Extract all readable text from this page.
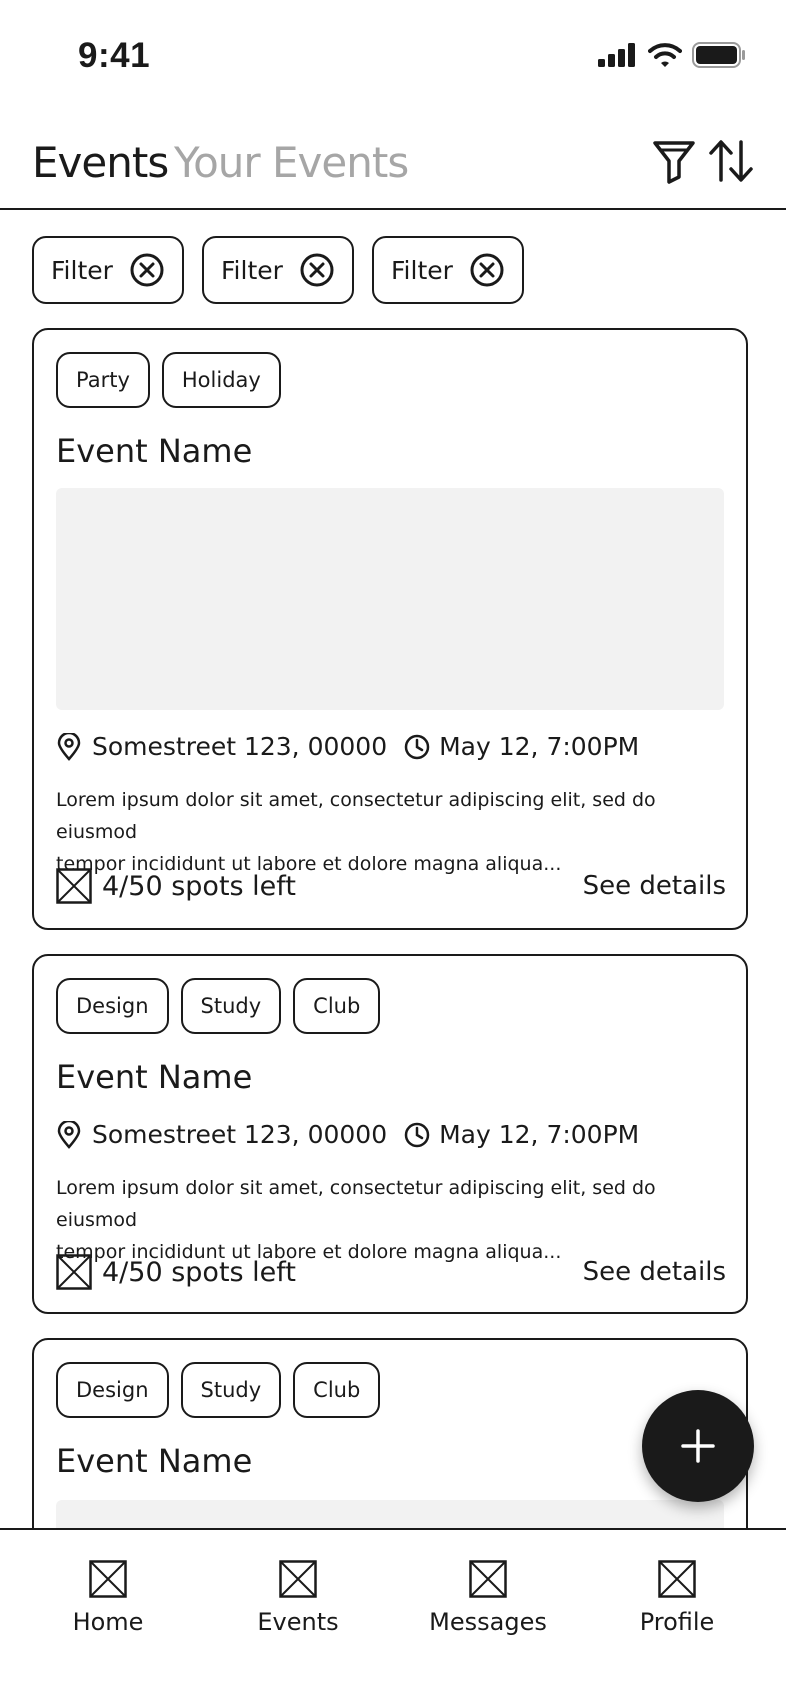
9:41
Events Your Events
Filter	Filter	Filter
Party	Holiday
Event Name
Somestreet 123, 00000 May 12, 7:00PM
Lorem ipsum dolor sit amet, consectetur adipiscing elit, sed do eiusmod
tempor incididunt ut labore et dolore magna aliqua...
4/50 spots left	See details
Design	Study	Club
Event Name
Somestreet 123, 00000 May 12, 7:00PM
Lorem ipsum dolor sit amet, consectetur adipiscing elit, sed do eiusmod
tempor incididunt ut labore et dolore magna aliqua...
4/50 spots left	See details
Design	Study	Club
Event Name
Home	Events	Messages	Profile
